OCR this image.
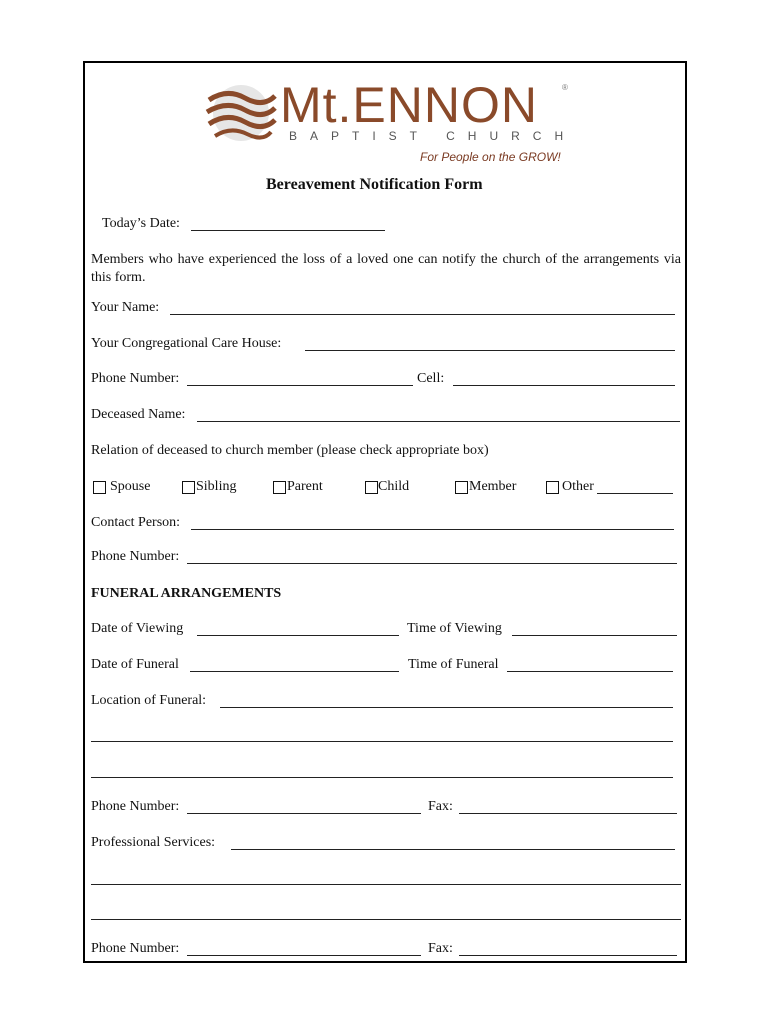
Mt.ENNON	®
BAPTIST CHURCH
For People on the GROW!
Bereavement Notification Form
Today’s Date:
Members who have experienced the loss of a loved one can notify the church of the arrangements via this form.
Your Name:
Your Congregational Care House:
Phone Number:	Cell:
Deceased Name:
Relation of deceased to church member (please check appropriate box)
Spouse	Sibling	Parent	Child	Member	Other
Contact Person:
Phone Number:
FUNERAL ARRANGEMENTS
Date of Viewing	Time of Viewing
Date of Funeral	Time of Funeral
Location of Funeral:
Phone Number:	Fax:
Professional Services:
Phone Number:	Fax:
